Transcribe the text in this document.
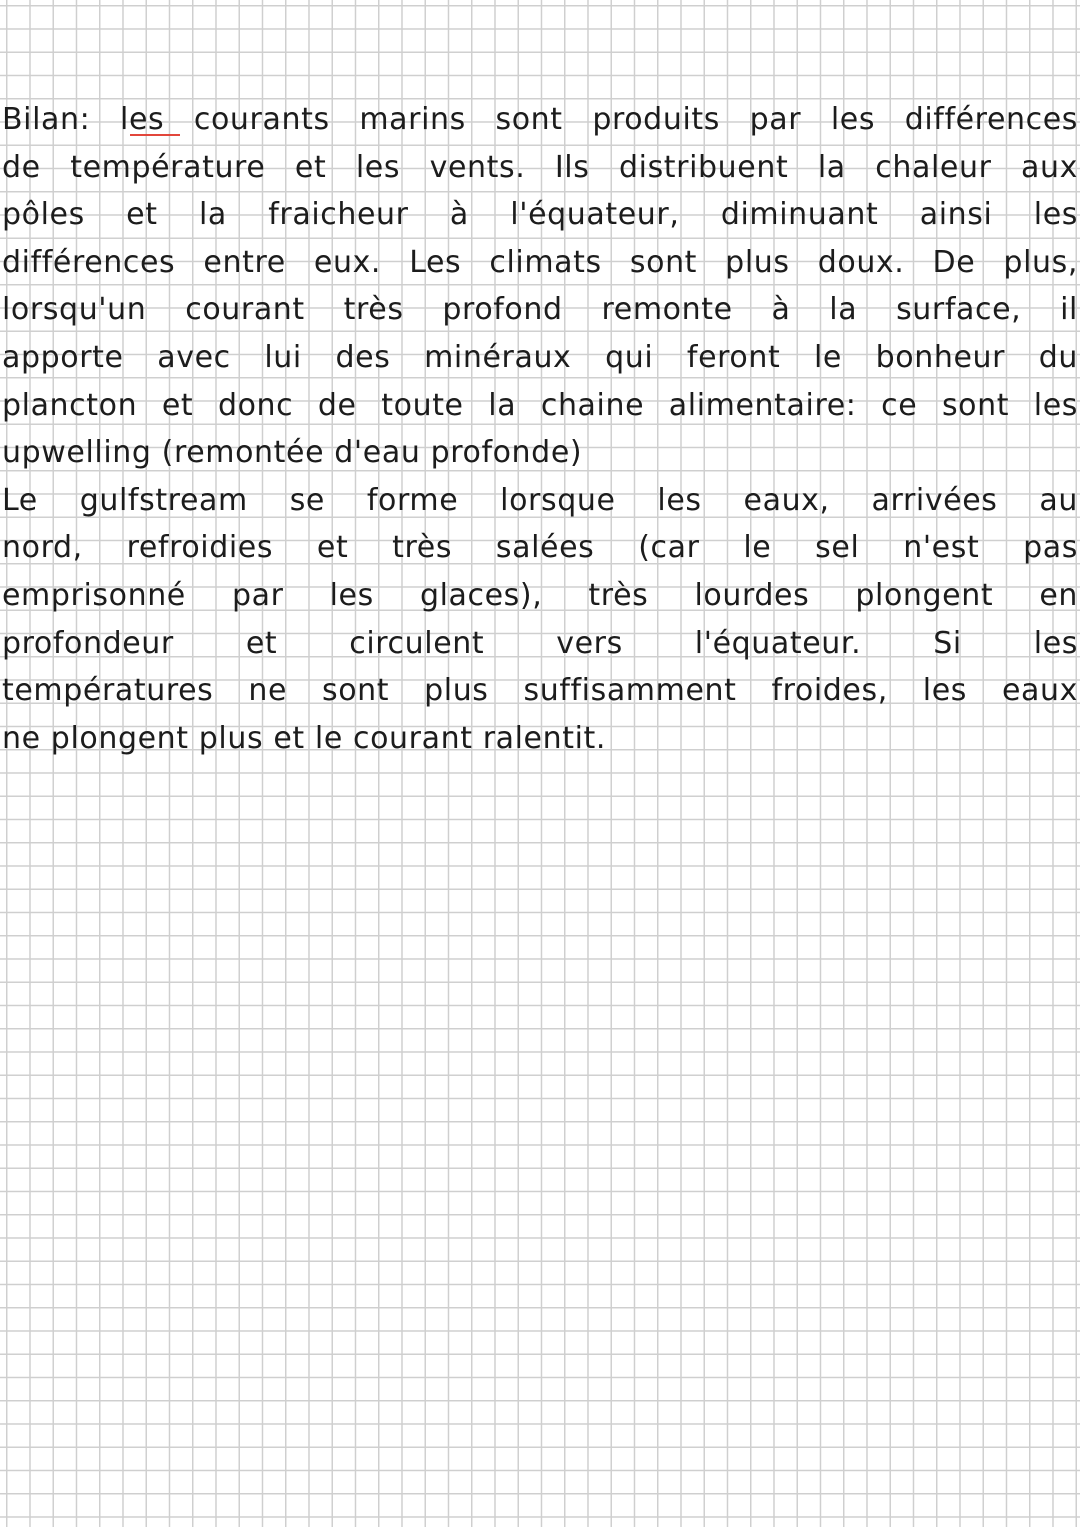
Bilan: les courants marins sont produits par les différences
de température et les vents. Ils distribuent la chaleur aux
pôles et la fraicheur à l'équateur, diminuant ainsi les
différences entre eux. Les climats sont plus doux. De plus,
lorsqu'un courant très profond remonte à la surface, il
apporte avec lui des minéraux qui feront le bonheur du
plancton et donc de toute la chaine alimentaire: ce sont les
upwelling (remontée d'eau profonde)
Le gulfstream se forme lorsque les eaux, arrivées au
nord, refroidies et très salées (car le sel n'est pas
emprisonné par les glaces), très lourdes plongent en
profondeur et circulent vers l'équateur. Si les
températures ne sont plus suffisamment froides, les eaux
ne plongent plus et le courant ralentit.
